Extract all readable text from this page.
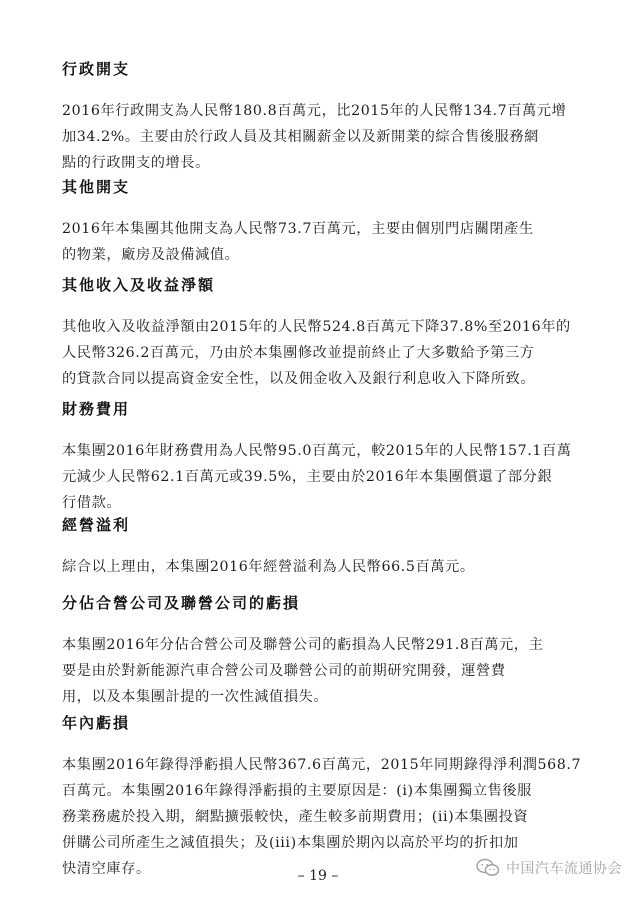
行政開支

2016年行政開支為人民幣180.8百萬元，比2015年的人民幣134.7百萬元增
加34.2%。主要由於行政人員及其相關薪金以及新開業的綜合售後服務網
點的行政開支的增長。

其他開支

2016年本集團其他開支為人民幣73.7百萬元，主要由個別門店關閉產生
的物業，廠房及設備減值。

其他收入及收益淨額

其他收入及收益淨額由2015年的人民幣524.8百萬元下降37.8%至2016年的
人民幣326.2百萬元，乃由於本集團修改並提前終止了大多數給予第三方
的貸款合同以提高資金安全性，以及佣金收入及銀行利息收入下降所致。

財務費用

本集團2016年財務費用為人民幣95.0百萬元，較2015年的人民幣157.1百萬
元減少人民幣62.1百萬元或39.5%，主要由於2016年本集團償還了部分銀
行借款。

經營溢利

綜合以上理由，本集團2016年經營溢利為人民幣66.5百萬元。

分佔合營公司及聯營公司的虧損

本集團2016年分佔合營公司及聯營公司的虧損為人民幣291.8百萬元，主
要是由於對新能源汽車合營公司及聯營公司的前期研究開發，運營費
用，以及本集團計提的一次性減值損失。

年內虧損

本集團2016年錄得淨虧損人民幣367.6百萬元，2015年同期錄得淨利潤568.7
百萬元。本集團2016年錄得淨虧損的主要原因是：(i)本集團獨立售後服
務業務處於投入期，網點擴張較快，產生較多前期費用；(ii)本集團投資
併購公司所產生之減值損失；及(iii)本集團於期內以高於平均的折扣加
快清空庫存。	– 19 –	中国汽车流通协会
